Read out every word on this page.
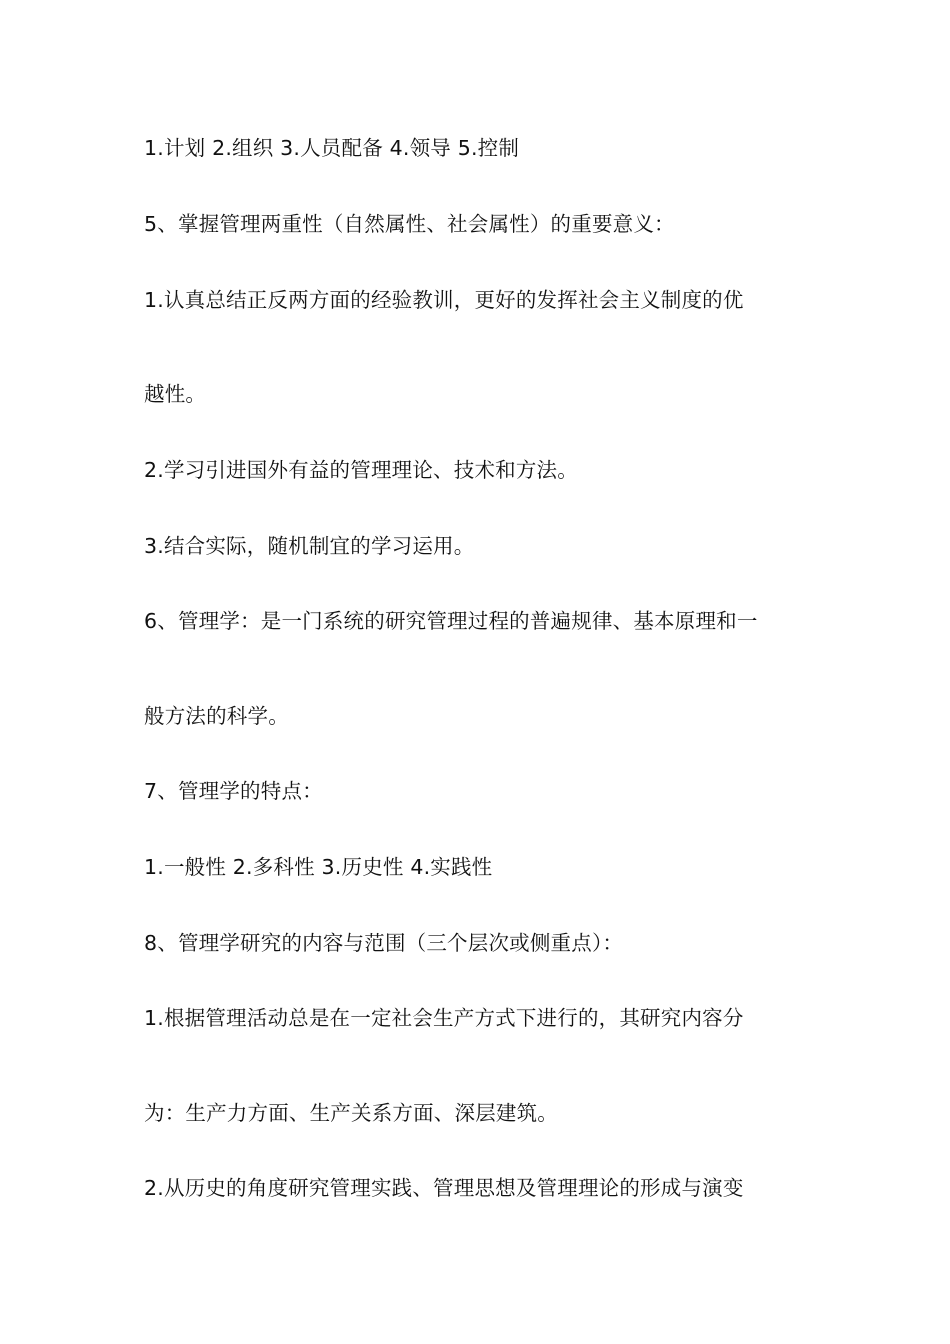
1.计划 2.组织 3.人员配备 4.领导 5.控制
5、掌握管理两重性（自然属性、社会属性）的重要意义：
1.认真总结正反两方面的经验教训，更好的发挥社会主义制度的优
越性。
2.学习引进国外有益的管理理论、技术和方法。
3.结合实际，随机制宜的学习运用。
6、管理学：是一门系统的研究管理过程的普遍规律、基本原理和一
般方法的科学。
7、管理学的特点：
1.一般性 2.多科性 3.历史性 4.实践性
8、管理学研究的内容与范围（三个层次或侧重点）：
1.根据管理活动总是在一定社会生产方式下进行的，其研究内容分
为：生产力方面、生产关系方面、深层建筑。
2.从历史的角度研究管理实践、管理思想及管理理论的形成与演变
